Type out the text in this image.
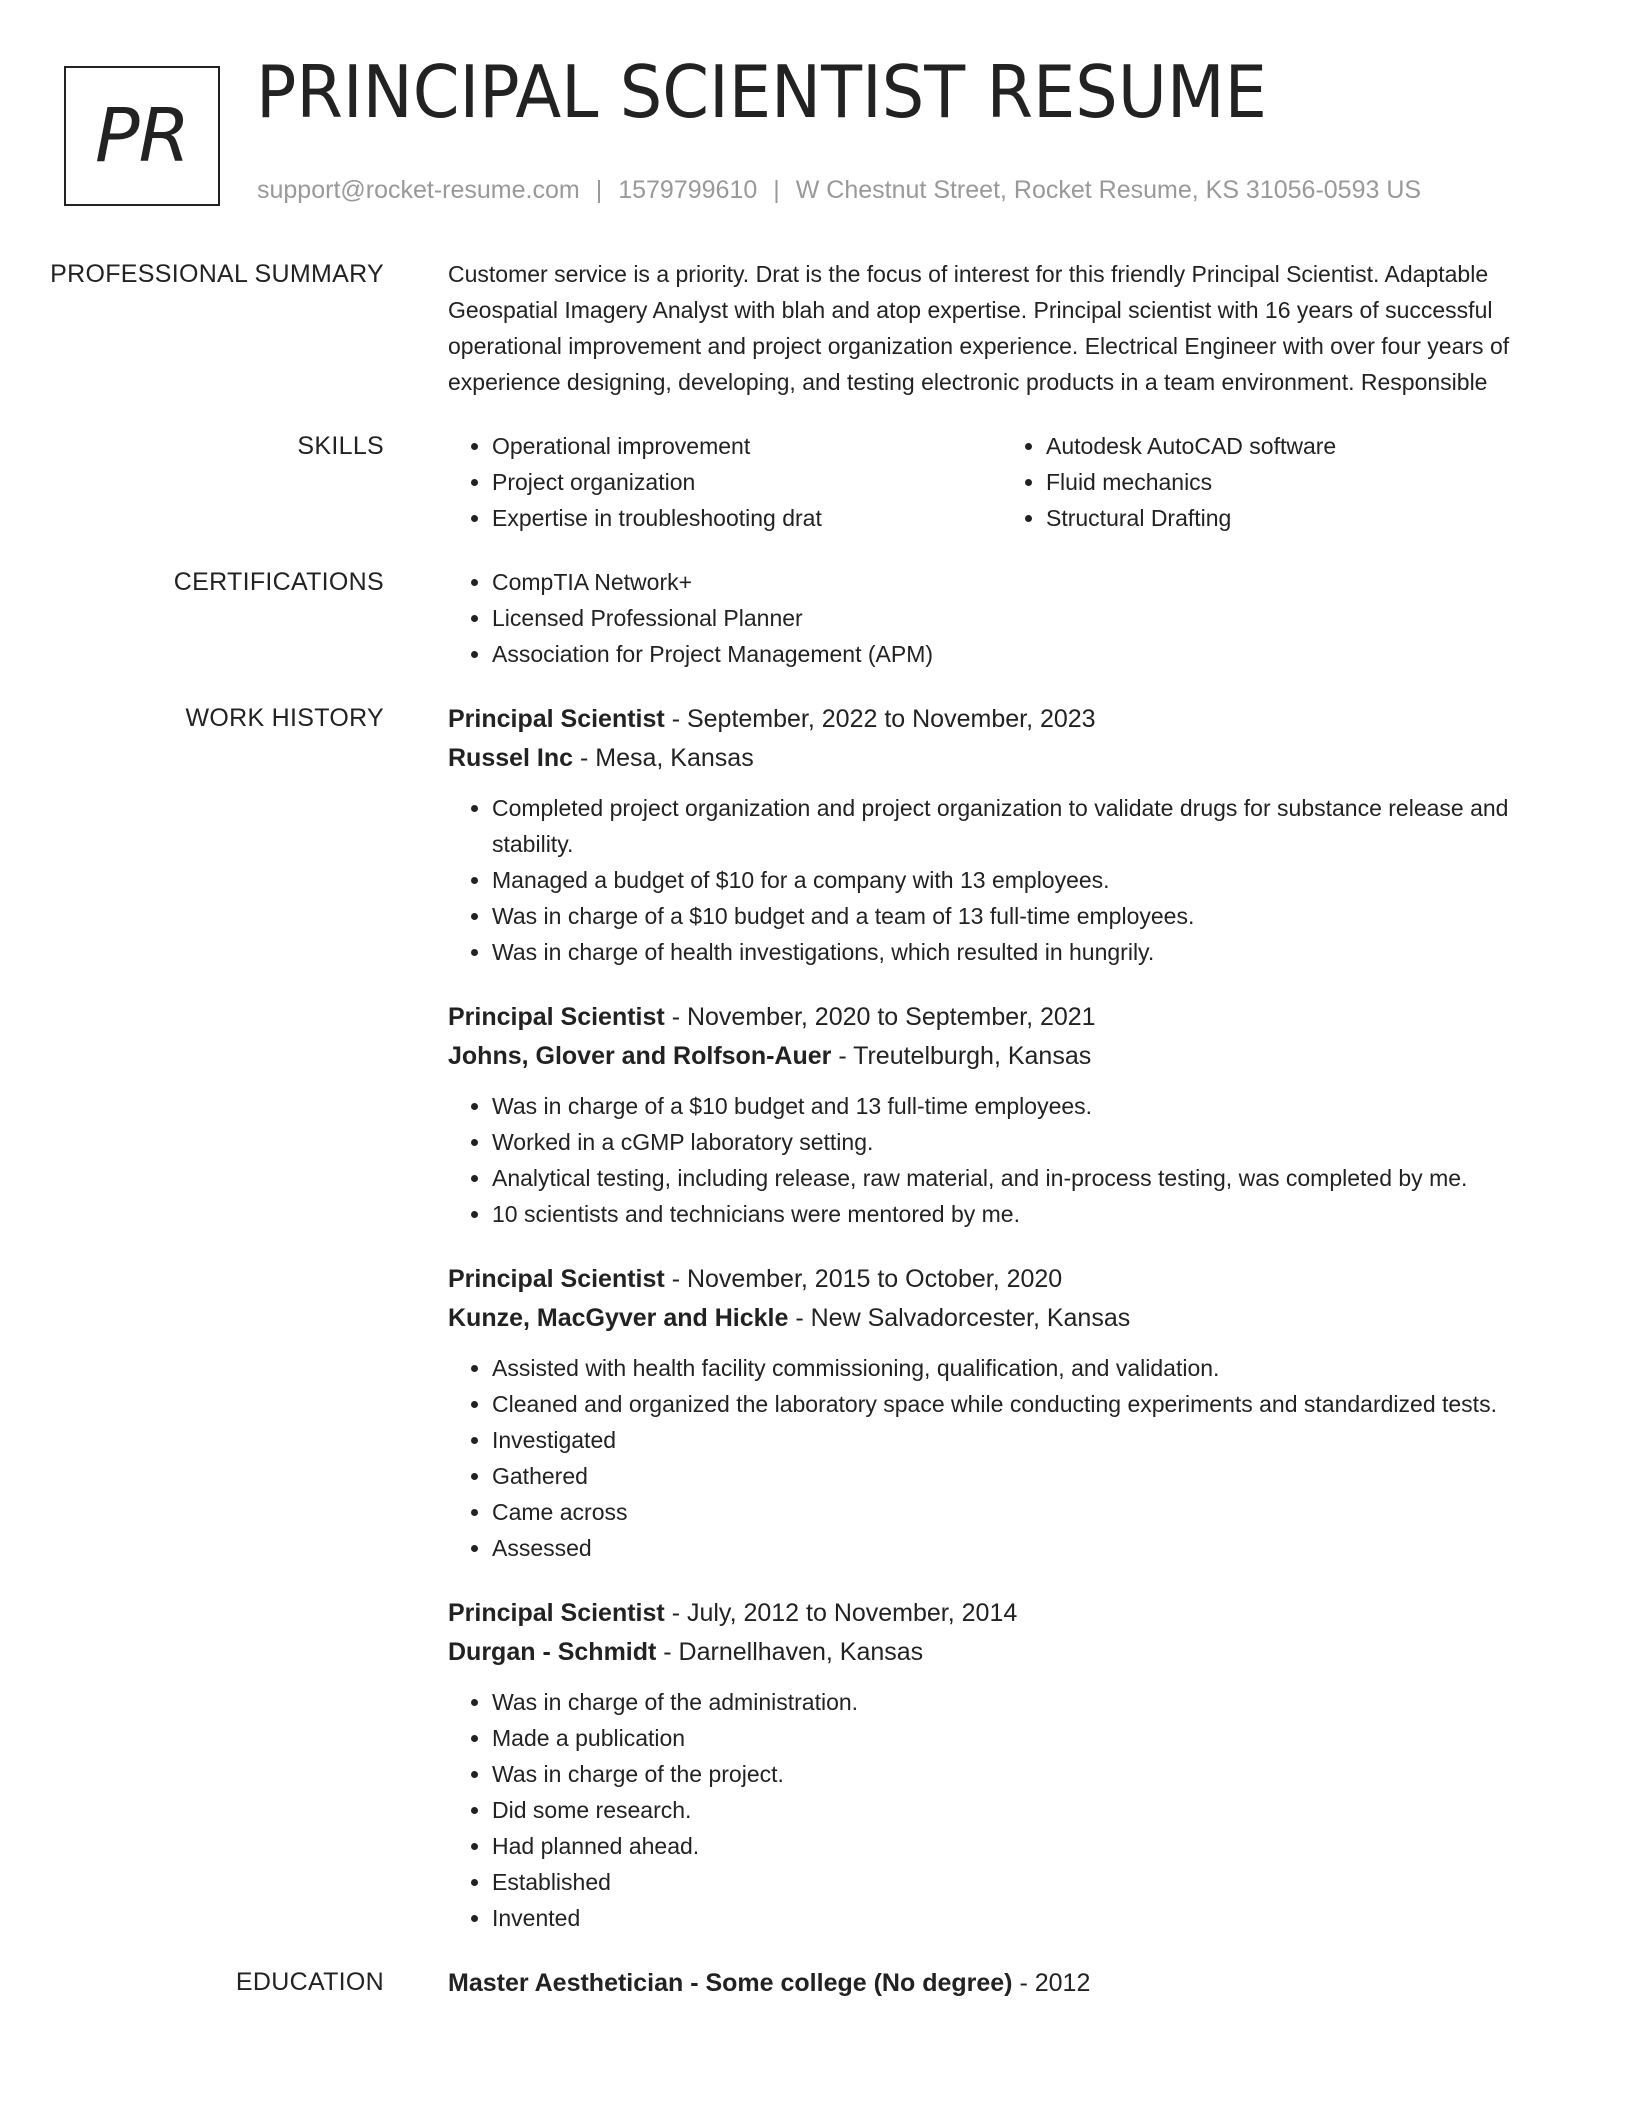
PR
PRINCIPAL SCIENTIST RESUME
support@rocket-resume.com | 1579799610 | W Chestnut Street, Rocket Resume, KS 31056-0593 US
PROFESSIONAL SUMMARY	Customer service is a priority. Drat is the focus of interest for this friendly Principal Scientist. Adaptable Geospatial Imagery Analyst with blah and atop expertise. Principal scientist with 16 years of successful operational improvement and project organization experience. Electrical Engineer with over four years of experience designing, developing, and testing electronic products in a team environment. Responsible

SKILLS	• Operational improvement
• Project organization
• Expertise in troubleshooting drat
• Autodesk AutoCAD software
• Fluid mechanics
• Structural Drafting
CERTIFICATIONS	• CompTIA Network+
• Licensed Professional Planner
• Association for Project Management (APM)
WORK HISTORY	Principal Scientist - September, 2022 to November, 2023
Russel Inc - Mesa, Kansas
• Completed project organization and project organization to validate drugs for substance release and stability.
• Managed a budget of $10 for a company with 13 employees.
• Was in charge of a $10 budget and a team of 13 full-time employees.
• Was in charge of health investigations, which resulted in hungrily.
Principal Scientist - November, 2020 to September, 2021
Johns, Glover and Rolfson-Auer - Treutelburgh, Kansas
• Was in charge of a $10 budget and 13 full-time employees.
• Worked in a cGMP laboratory setting.
• Analytical testing, including release, raw material, and in-process testing, was completed by me.
• 10 scientists and technicians were mentored by me.
Principal Scientist - November, 2015 to October, 2020
Kunze, MacGyver and Hickle - New Salvadorcester, Kansas
• Assisted with health facility commissioning, qualification, and validation.
• Cleaned and organized the laboratory space while conducting experiments and standardized tests.
• Investigated
• Gathered
• Came across
• Assessed
Principal Scientist - July, 2012 to November, 2014
Durgan - Schmidt - Darnellhaven, Kansas
• Was in charge of the administration.
• Made a publication
• Was in charge of the project.
• Did some research.
• Had planned ahead.
• Established
• Invented
EDUCATION	Master Aesthetician - Some college (No degree) - 2012
